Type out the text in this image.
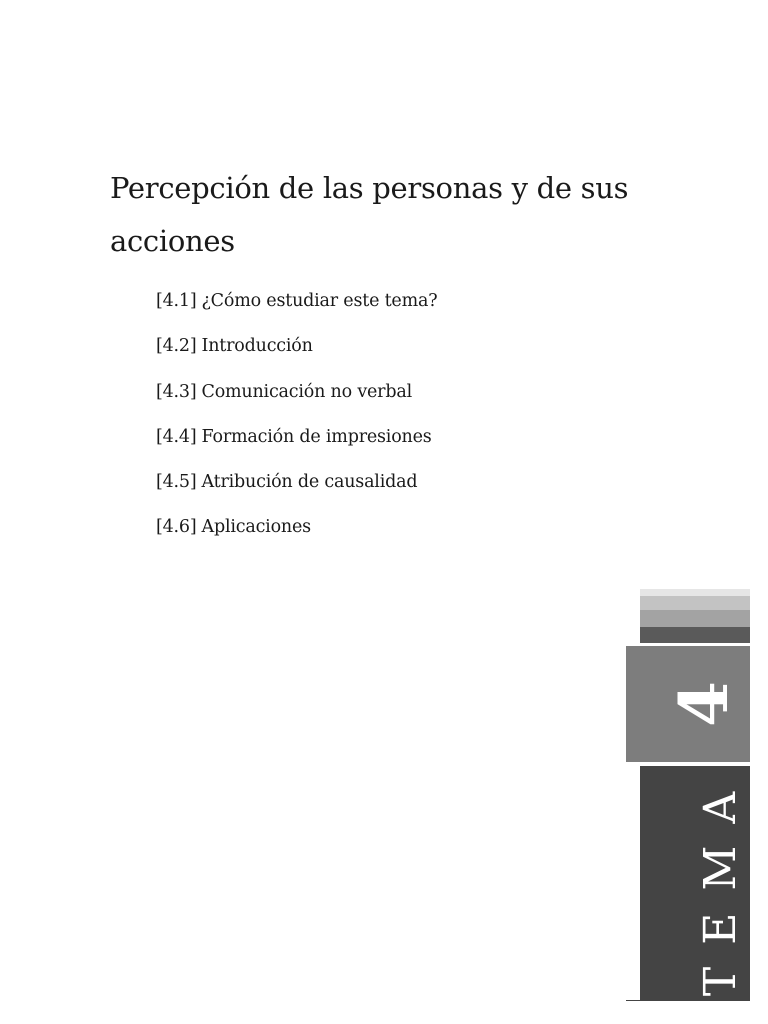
Percepción de las personas y de sus acciones
[4.1] ¿Cómo estudiar este tema?
[4.2] Introducción
[4.3] Comunicación no verbal
[4.4] Formación de impresiones
[4.5] Atribución de causalidad
[4.6] Aplicaciones
4
TEMA
